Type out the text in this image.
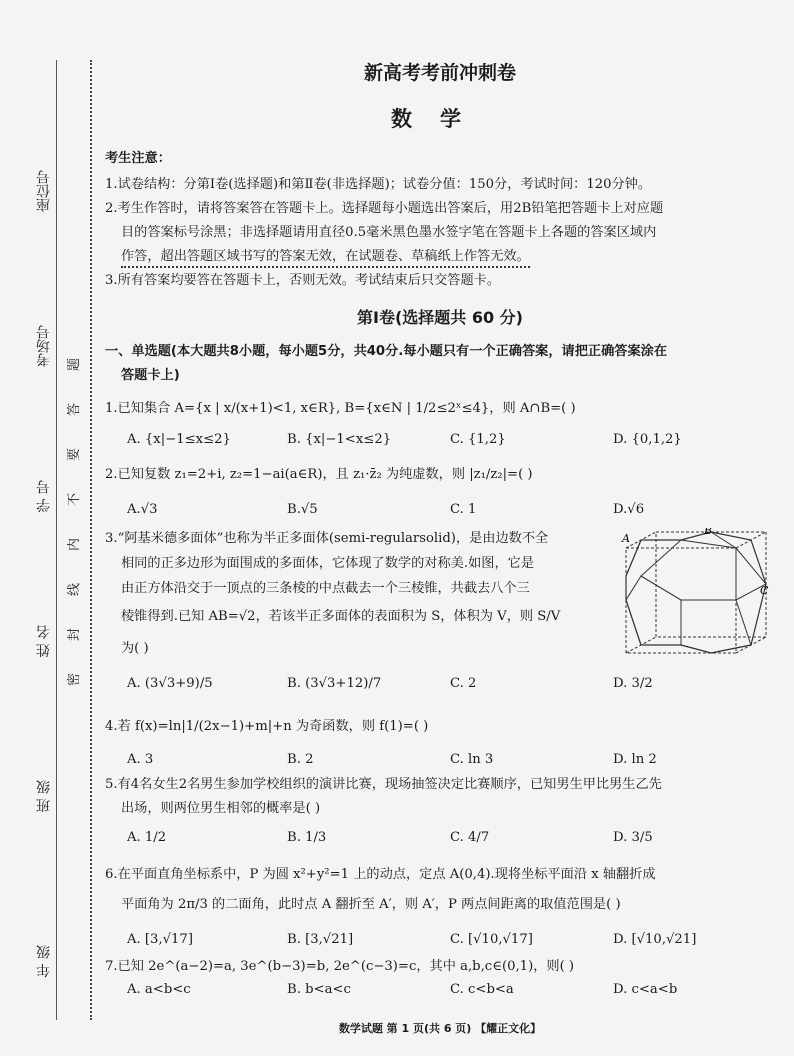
座位号
考场号
学 号
姓 名
班 级
年 级
题
答
要
不
内
线
封
密
新高考考前冲刺卷
数学
考生注意：
1.试卷结构：分第Ⅰ卷(选择题)和第Ⅱ卷(非选择题)；试卷分值：150分，考试时间：120分钟。
2.考生作答时，请将答案答在答题卡上。选择题每小题选出答案后，用2B铅笔把答题卡上对应题
目的答案标号涂黑；非选择题请用直径0.5毫米黑色墨水签字笔在答题卡上各题的答案区域内
作答，超出答题区域书写的答案无效，在试题卷、草稿纸上作答无效。
3.所有答案均要答在答题卡上，否则无效。考试结束后只交答题卡。
第Ⅰ卷(选择题共 60 分)
一、单选题(本大题共8小题，每小题5分，共40分.每小题只有一个正确答案，请把正确答案涂在
答题卡上)
1.已知集合 A={x | x/(x+1)<1, x∈R}, B={x∈N | 1/2≤2ˣ≤4}，则 A∩B=( )
A. {x|−1≤x≤2}	B. {x|−1<x≤2}	C. {1,2}	D. {0,1,2}
2.已知复数 z₁=2+i, z₂=1−ai(a∈R)，且 z₁·z̄₂ 为纯虚数，则 |z₁/z₂|=( )
A.√3	B.√5	C. 1	D.√6
3.“阿基米德多面体”也称为半正多面体(semi-regularsolid)，是由边数不全
相同的正多边形为面围成的多面体，它体现了数学的对称美.如图，它是
由正方体沿交于一顶点的三条棱的中点截去一个三棱锥，共截去八个三
棱锥得到.已知 AB=√2，若该半正多面体的表面积为 S，体积为 V，则 S/V
为( )
A. (3√3+9)/5	B. (3√3+12)/7	C. 2	D. 3/2
A
B
C
4.若 f(x)=ln|1/(2x−1)+m|+n 为奇函数，则 f(1)=( )
A. 3	B. 2	C. ln 3	D. ln 2
5.有4名女生2名男生参加学校组织的演讲比赛，现场抽签决定比赛顺序，已知男生甲比男生乙先
出场，则两位男生相邻的概率是( )
A. 1/2	B. 1/3	C. 4/7	D. 3/5
6.在平面直角坐标系中，P 为圆 x²+y²=1 上的动点，定点 A(0,4).现将坐标平面沿 x 轴翻折成
平面角为 2π/3 的二面角，此时点 A 翻折至 A′，则 A′，P 两点间距离的取值范围是( )
A. [3,√17]	B. [3,√21]	C. [√10,√17]	D. [√10,√21]
7.已知 2e^(a−2)=a, 3e^(b−3)=b, 2e^(c−3)=c，其中 a,b,c∈(0,1)，则( )
A. a<b<c	B. b<a<c	C. c<b<a	D. c<a<b
数学试题 第 1 页(共 6 页) 【耀正文化】
